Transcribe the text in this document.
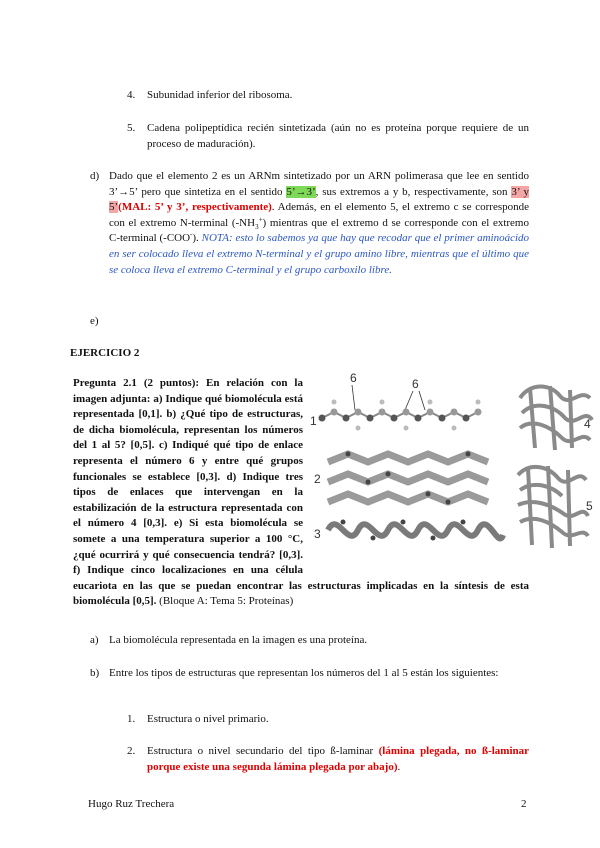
4. Subunidad inferior del ribosoma.

5. Cadena polipeptídica recién sintetizada (aún no es proteína porque requiere de un proceso de maduración).

d) Dado que el elemento 2 es un ARNm sintetizado por un ARN polimerasa que lee en sentido 3’→5’ pero que sintetiza en el sentido 5’→3’, sus extremos a y b, respectivamente, son 3’ y 5’(MAL: 5’ y 3’, respectivamente). Además, en el elemento 5, el extremo c se corresponde con el extremo N-terminal $(-NH_3^+)$ mientras que el extremo d se corresponde con el extremo C-terminal (-COO-). NOTA: esto lo sabemos ya que hay que recodar que el primer aminoácido en ser colocado lleva el extremo N-terminal y el grupo amino libre, mientras que el último que se coloca lleva el extremo C-terminal y el grupo carboxilo libre.

e)
EJERCICIO 2
6	6
1
2
3
4
5

Pregunta 2.1 (2 puntos): En relación con la imagen adjunta: a) Indique qué biomolécula está representada [0,1]. b) ¿Qué tipo de estructuras, de dicha biomolécula, representan los números del 1 al 5? [0,5]. c) Indiqué qué tipo de enlace representa el número 6 y entre qué grupos funcionales se establece [0,3]. d) Indique tres tipos de enlaces que intervengan en la estabilización de la estructura representada con el número 4 [0,3]. e) Si esta biomolécula se somete a una temperatura superior a 100 °C, ¿qué ocurrirá y qué consecuencia tendrá? [0,3]. f) Indique cinco localizaciones en una célula eucariota en las que se puedan encontrar las estructuras implicadas en la síntesis de esta biomolécula [0,5]. (Bloque A: Tema 5: Proteínas)

a) La biomolécula representada en la imagen es una proteína.

b) Entre los tipos de estructuras que representan los números del 1 al 5 están los siguientes:

1. Estructura o nivel primario.

2. Estructura o nivel secundario del tipo ß-laminar (lámina plegada, no ß-laminar porque existe una segunda lámina plegada por abajo).

Hugo Ruz Trechera	2
